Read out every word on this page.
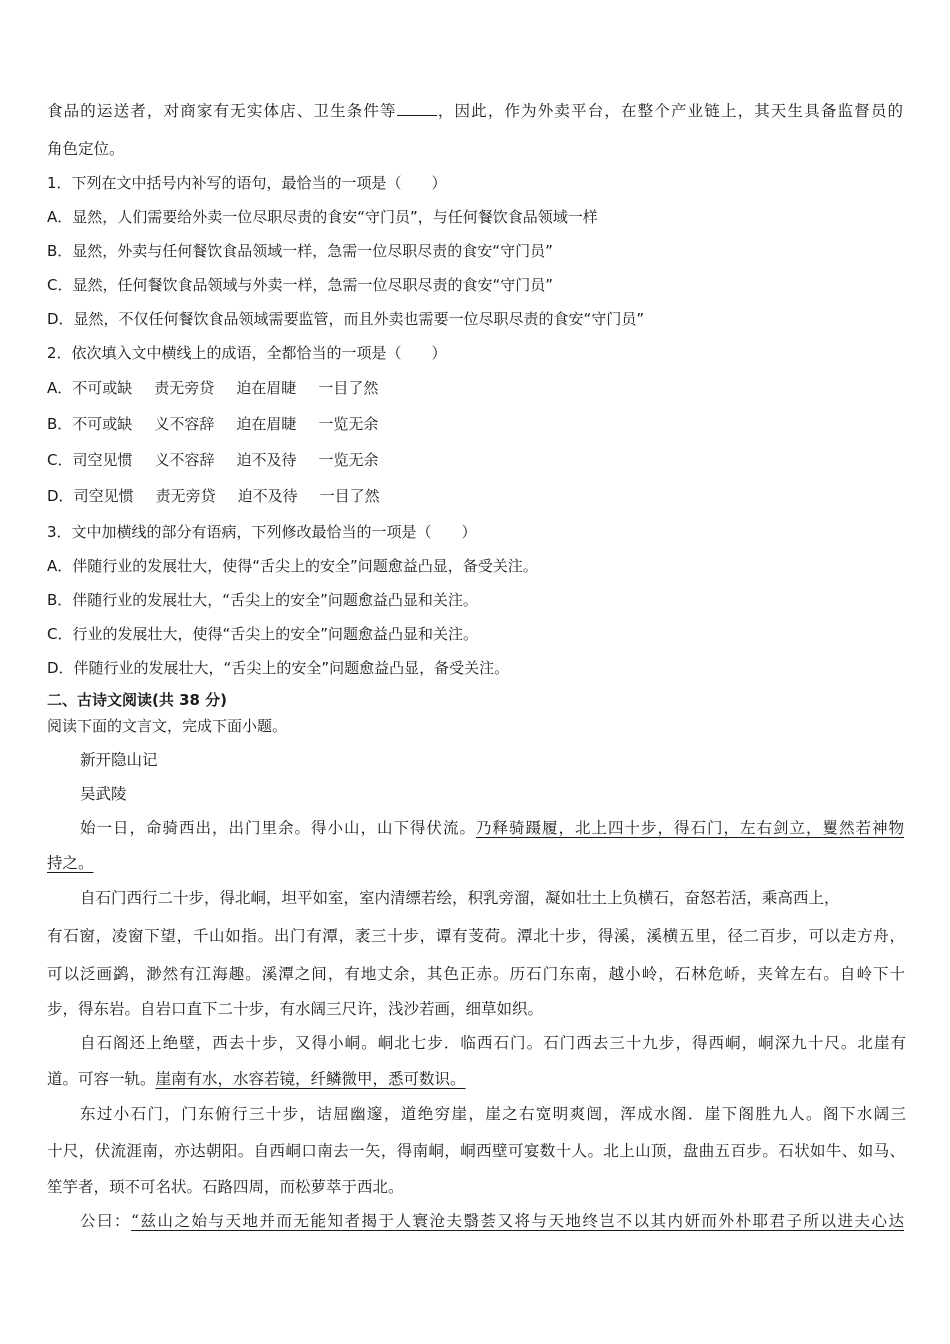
食品的运送者，对商家有无实体店、卫生条件等	，因此，作为外卖平台，在整个产业链上，其天生具备监督员的
角色定位。
1．下列在文中括号内补写的语句，最恰当的一项是（　　）
A．显然，人们需要给外卖一位尽职尽责的食安“守门员”，与任何餐饮食品领域一样
B．显然，外卖与任何餐饮食品领域一样，急需一位尽职尽责的食安“守门员”
C．显然，任何餐饮食品领域与外卖一样，急需一位尽职尽责的食安“守门员”
D．显然，不仅任何餐饮食品领域需要监管，而且外卖也需要一位尽职尽责的食安“守门员”
2．依次填入文中横线上的成语，全都恰当的一项是（　　）
A．不可或缺 责无旁贷 迫在眉睫 一目了然
B．不可或缺 义不容辞 迫在眉睫 一览无余
C．司空见惯 义不容辞 迫不及待 一览无余
D．司空见惯 责无旁贷 迫不及待 一目了然
3．文中加横线的部分有语病，下列修改最恰当的一项是（　　）
A．伴随行业的发展壮大，使得“舌尖上的安全”问题愈益凸显，备受关注。
B．伴随行业的发展壮大，“舌尖上的安全”问题愈益凸显和关注。
C．行业的发展壮大，使得“舌尖上的安全”问题愈益凸显和关注。
D．伴随行业的发展壮大，“舌尖上的安全”问题愈益凸显，备受关注。
二、古诗文阅读(共 38 分)
阅读下面的文言文，完成下面小题。
新开隐山记
吴武陵
始一日，命骑西出，出门里余。得小山，山下得伏流。乃释骑蹑履，北上四十步，得石门，左右剑立，矍然若神物
持之。
自石门西行二十步，得北峒，坦平如室，室内清缥若绘，积乳旁溜，凝如壮土上负横石，奋怒若活，乘高西上，
有石窗，凌窗下望，千山如指。出门有潭，袤三十步，谭有芰荷。潭北十步，得溪，溪横五里，径二百步，可以走方舟，
可以泛画鹢，渺然有江海趣。溪潭之间，有地丈余，其色正赤。历石门东南，越小岭，石林危峤，夹耸左右。自岭下十
步，得东岩。自岩口直下二十步，有水阔三尺许，浅沙若画，细草如织。
自石阁还上绝壁，西去十步，又得小峒。峒北七步．临西石门。石门西去三十九步，得西峒，峒深九十尺。北崖有
道。可容一轨。崖南有水，水容若镜，纤鳞微甲，悉可数识。
东过小石门，门东俯行三十步，诘屈幽邃，道绝穷崖，崖之右宽明爽闿，浑成水阁．崖下阁胜九人。阁下水阔三
十尺，伏流涯南，亦达朝阳。自西峒口南去一矢，得南峒，峒西壁可宴数十人。北上山顶，盘曲五百步。石状如牛、如马、
笙竽者，顼不可名状。石路四周，而松萝萃于西北。
公曰：“兹山之始与天地并而无能知者揭于人寰沧夫翳荟又将与天地终岂不以其内妍而外朴耶君子所以进夫心达
